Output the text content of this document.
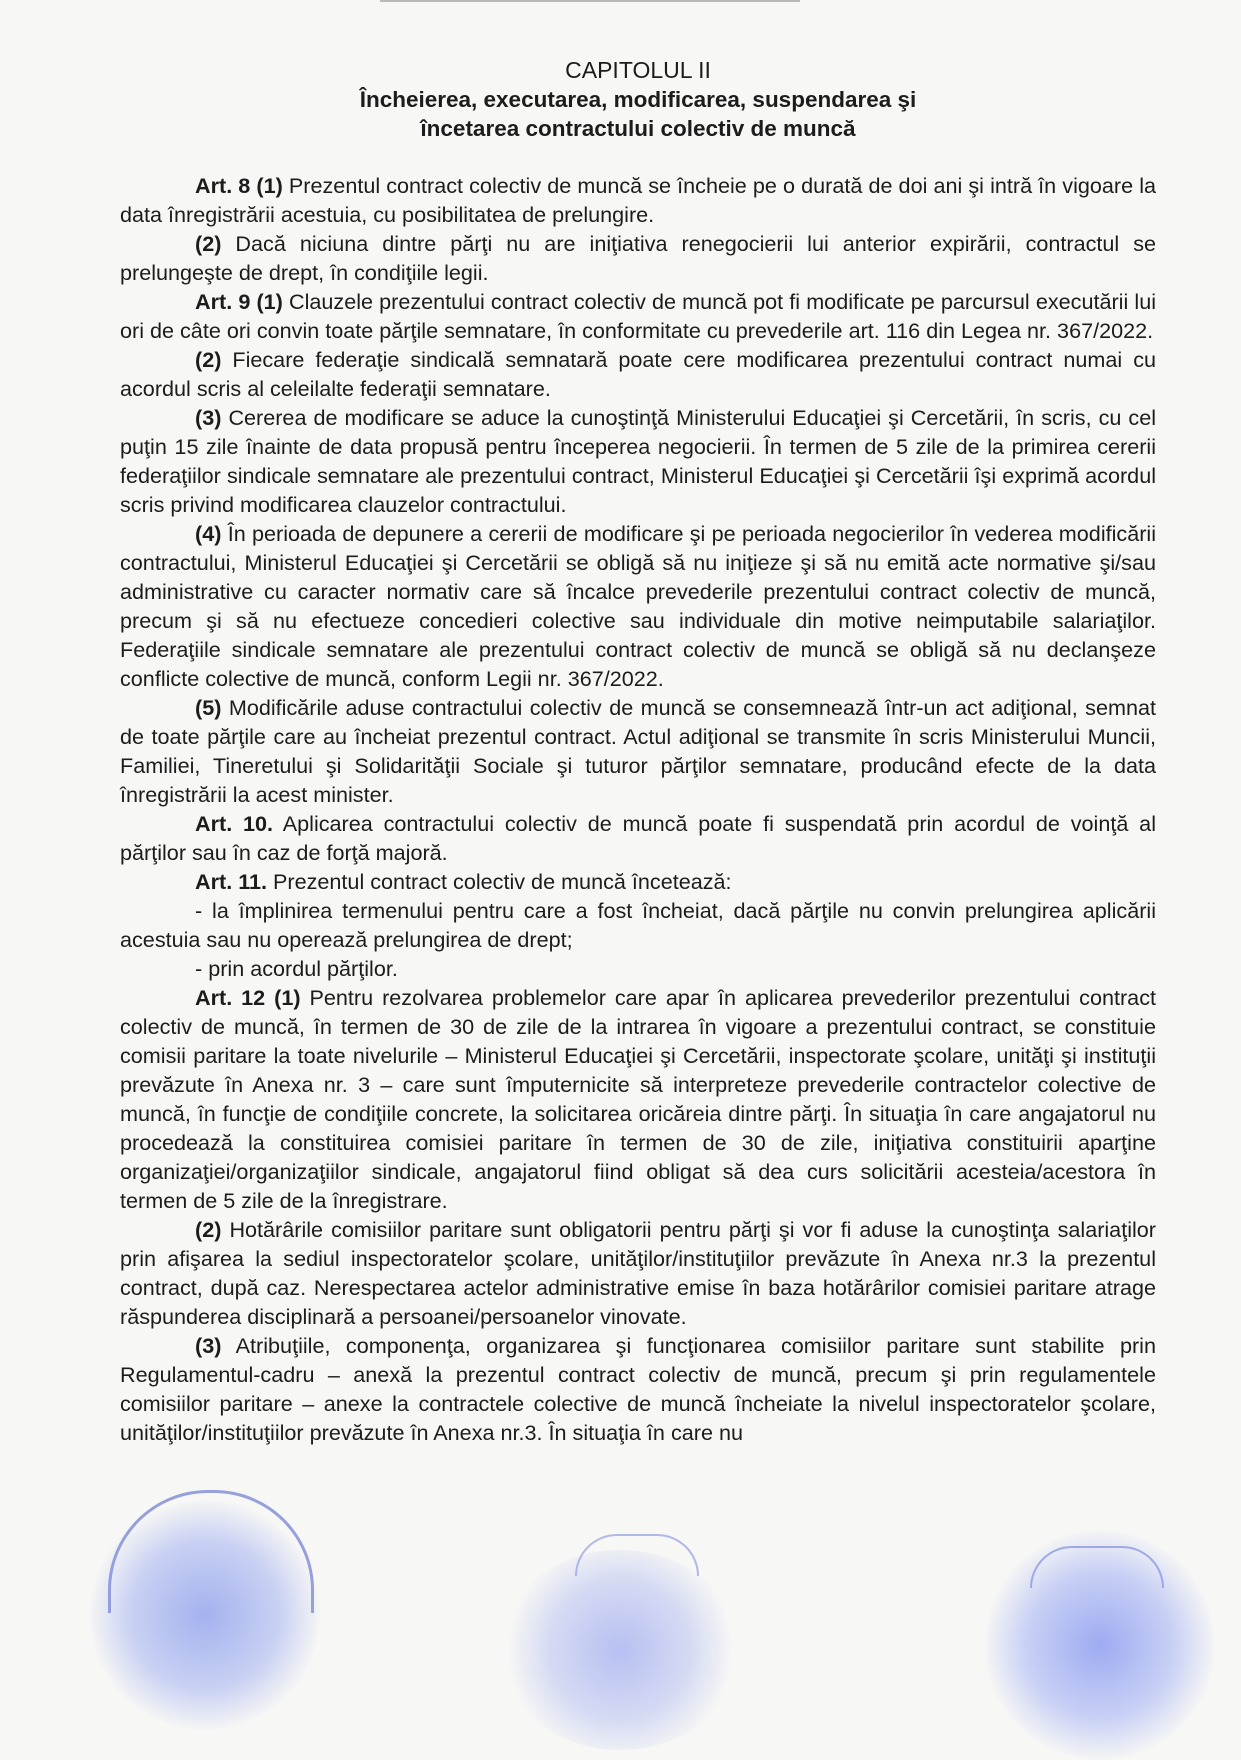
CAPITOLUL II
Încheierea, executarea, modificarea, suspendarea şi
încetarea contractului colectiv de muncă

Art. 8 (1) Prezentul contract colectiv de muncă se încheie pe o durată de doi ani şi intră în vigoare la data înregistrării acestuia, cu posibilitatea de prelungire.

(2) Dacă niciuna dintre părţi nu are iniţiativa renegocierii lui anterior expirării, contractul se prelungeşte de drept, în condiţiile legii.

Art. 9 (1) Clauzele prezentului contract colectiv de muncă pot fi modificate pe parcursul executării lui ori de câte ori convin toate părţile semnatare, în conformitate cu prevederile art. 116 din Legea nr. 367/2022.

(2) Fiecare federaţie sindicală semnatară poate cere modificarea prezentului contract numai cu acordul scris al celeilalte federaţii semnatare.

(3) Cererea de modificare se aduce la cunoştinţă Ministerului Educaţiei şi Cercetării, în scris, cu cel puţin 15 zile înainte de data propusă pentru începerea negocierii. În termen de 5 zile de la primirea cererii federaţiilor sindicale semnatare ale prezentului contract, Ministerul Educaţiei şi Cercetării îşi exprimă acordul scris privind modificarea clauzelor contractului.

(4) În perioada de depunere a cererii de modificare şi pe perioada negocierilor în vederea modificării contractului, Ministerul Educaţiei şi Cercetării se obligă să nu iniţieze şi să nu emită acte normative şi/sau administrative cu caracter normativ care să încalce prevederile prezentului contract colectiv de muncă, precum şi să nu efectueze concedieri colective sau individuale din motive neimputabile salariaţilor. Federaţiile sindicale semnatare ale prezentului contract colectiv de muncă se obligă să nu declanşeze conflicte colective de muncă, conform Legii nr. 367/2022.

(5) Modificările aduse contractului colectiv de muncă se consemnează într-un act adiţional, semnat de toate părţile care au încheiat prezentul contract. Actul adiţional se transmite în scris Ministerului Muncii, Familiei, Tineretului şi Solidarităţii Sociale şi tuturor părţilor semnatare, producând efecte de la data înregistrării la acest minister.

Art. 10. Aplicarea contractului colectiv de muncă poate fi suspendată prin acordul de voinţă al părţilor sau în caz de forţă majoră.

Art. 11. Prezentul contract colectiv de muncă încetează:

- la împlinirea termenului pentru care a fost încheiat, dacă părţile nu convin prelungirea aplicării acestuia sau nu operează prelungirea de drept;

- prin acordul părţilor.

Art. 12 (1) Pentru rezolvarea problemelor care apar în aplicarea prevederilor prezentului contract colectiv de muncă, în termen de 30 de zile de la intrarea în vigoare a prezentului contract, se constituie comisii paritare la toate nivelurile – Ministerul Educaţiei şi Cercetării, inspectorate şcolare, unităţi şi instituţii prevăzute în Anexa nr. 3 – care sunt împuternicite să interpreteze prevederile contractelor colective de muncă, în funcţie de condiţiile concrete, la solicitarea oricăreia dintre părţi. În situaţia în care angajatorul nu procedează la constituirea comisiei paritare în termen de 30 de zile, iniţiativa constituirii aparţine organizaţiei/organizaţiilor sindicale, angajatorul fiind obligat să dea curs solicitării acesteia/acestora în termen de 5 zile de la înregistrare.

(2) Hotărârile comisiilor paritare sunt obligatorii pentru părţi şi vor fi aduse la cunoştinţa salariaţilor prin afişarea la sediul inspectoratelor şcolare, unităţilor/instituţiilor prevăzute în Anexa nr.3 la prezentul contract, după caz. Nerespectarea actelor administrative emise în baza hotărârilor comisiei paritare atrage răspunderea disciplinară a persoanei/persoanelor vinovate.

(3) Atribuţiile, componenţa, organizarea şi funcţionarea comisiilor paritare sunt stabilite prin Regulamentul-cadru – anexă la prezentul contract colectiv de muncă, precum şi prin regulamentele comisiilor paritare – anexe la contractele colective de muncă încheiate la nivelul inspectoratelor şcolare, unităţilor/instituţiilor prevăzute în Anexa nr.3. În situaţia în care nu
